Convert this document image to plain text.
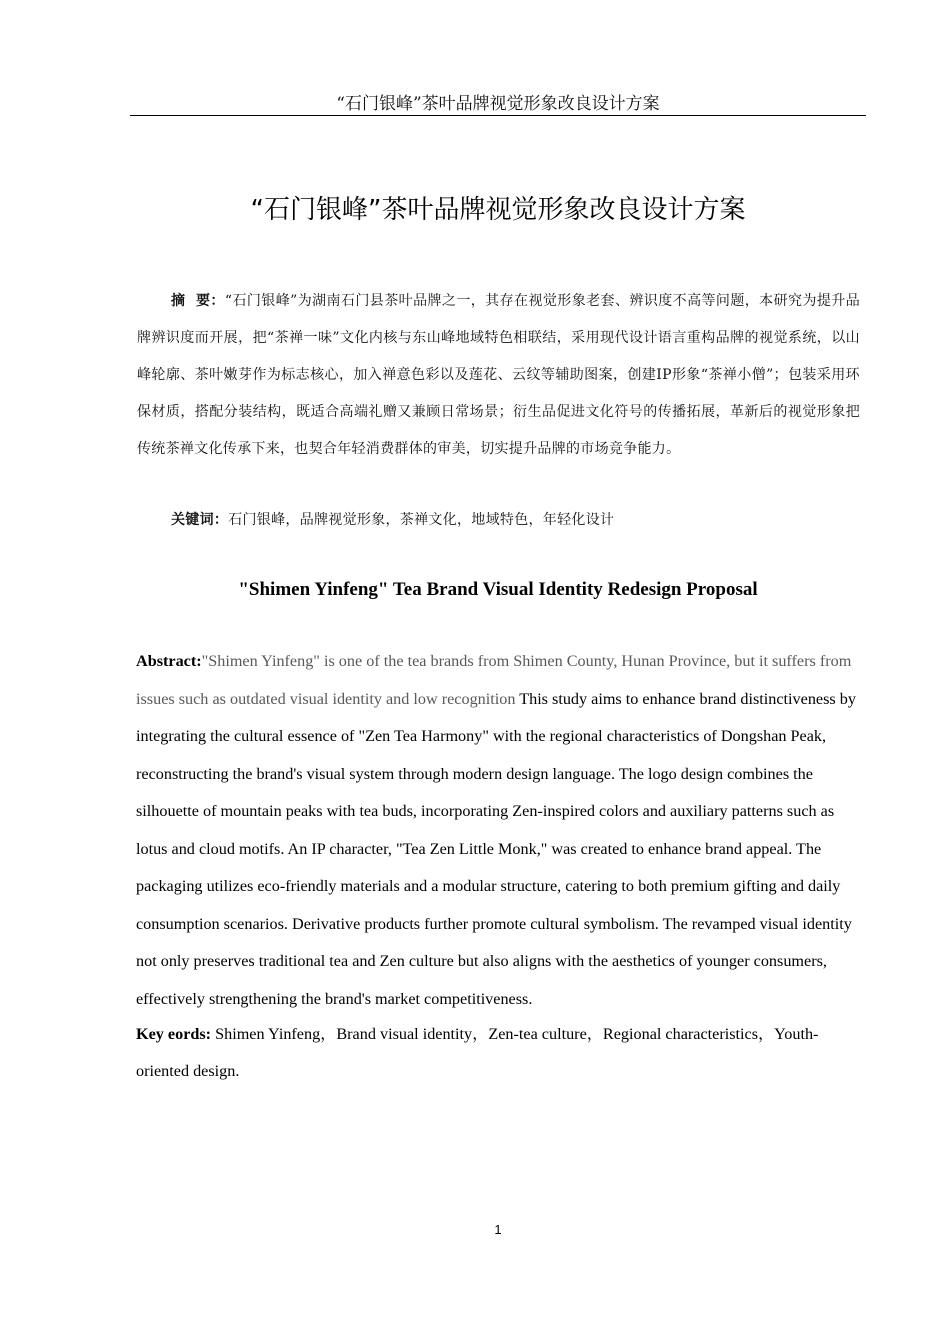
“石门银峰”茶叶品牌视觉形象改良设计方案
“石门银峰”茶叶品牌视觉形象改良设计方案

摘  要：“石门银峰”为湖南石门县茶叶品牌之一，其存在视觉形象老套、辨识度不高等问题，本研究为提升品牌辨识度而开展，把“茶禅一味”文化内核与东山峰地域特色相联结，采用现代设计语言重构品牌的视觉系统，以山峰轮廓、茶叶嫩芽作为标志核心，加入禅意色彩以及莲花、云纹等辅助图案，创建IP形象“茶禅小僧”；包装采用环保材质，搭配分装结构，既适合高端礼赠又兼顾日常场景；衍生品促进文化符号的传播拓展，革新后的视觉形象把传统茶禅文化传承下来，也契合年轻消费群体的审美，切实提升品牌的市场竞争能力。

关键词：石门银峰，品牌视觉形象，茶禅文化，地域特色，年轻化设计

"Shimen Yinfeng" Tea Brand Visual Identity Redesign Proposal

Abstract:"Shimen Yinfeng" is one of the tea brands from Shimen County, Hunan Province, but it suffers from issues such as outdated visual identity and low recognition This study aims to enhance brand distinctiveness by integrating the cultural essence of "Zen Tea Harmony" with the regional characteristics of Dongshan Peak, reconstructing the brand's visual system through modern design language. The logo design combines the silhouette of mountain peaks with tea buds, incorporating Zen-inspired colors and auxiliary patterns such as lotus and cloud motifs. An IP character, "Tea Zen Little Monk," was created to enhance brand appeal. The packaging utilizes eco-friendly materials and a modular structure, catering to both premium gifting and daily consumption scenarios. Derivative products further promote cultural symbolism. The revamped visual identity not only preserves traditional tea and Zen culture but also aligns with the aesthetics of younger consumers, effectively strengthening the brand's market competitiveness.

Key eords: Shimen Yinfeng，Brand visual identity，Zen-tea culture，Regional characteristics，Youth-oriented design.

1
